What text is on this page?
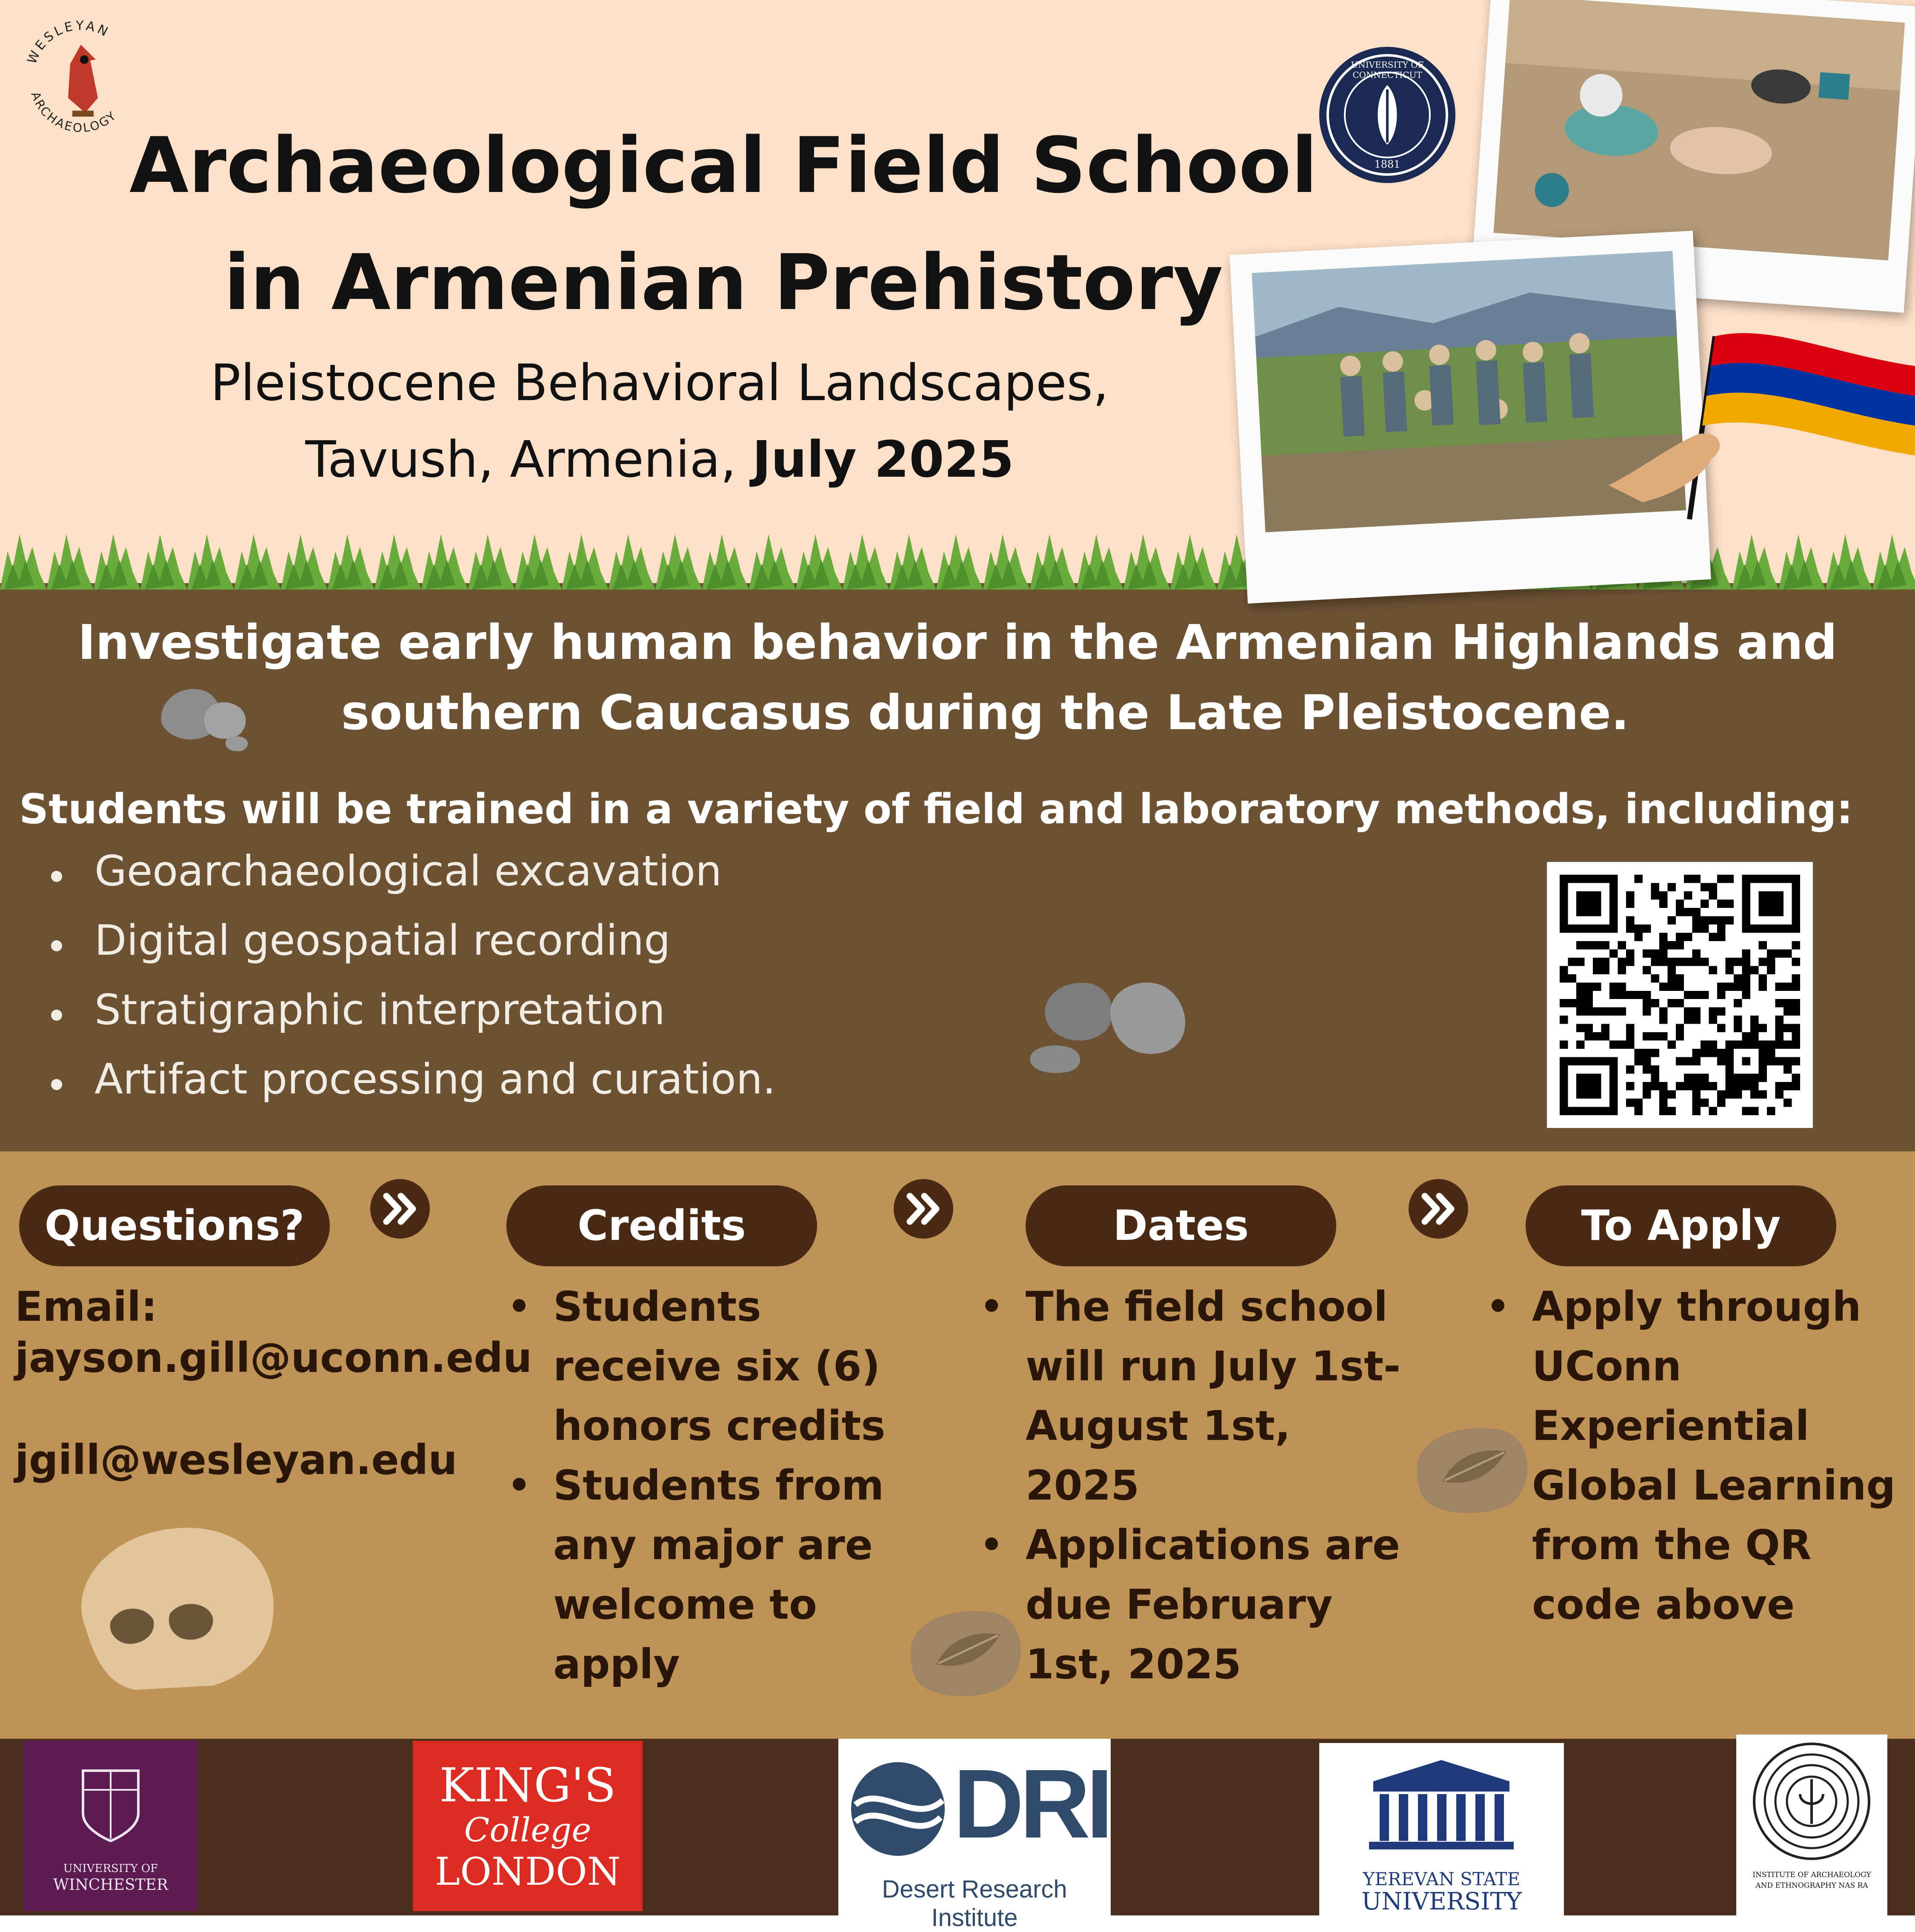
WESLEYAN
ARCHAEOLOGY
Archaeological Field School
in Armenian Prehistory
Pleistocene Behavioral Landscapes,
Tavush, Armenia, July 2025
UNIVERSITY OF CONNECTICUT
1881
Investigate early human behavior in the Armenian Highlands and
southern Caucasus during the Late Pleistocene.
Students will be trained in a variety of field and laboratory methods, including:
Geoarchaeological excavation
Digital geospatial recording
Stratigraphic interpretation
Artifact processing and curation.
Questions?
Email:
jayson.gill@uconn.edu
jgill@wesleyan.edu
Credits
Students receive six (6) honors credits
Students from any major are welcome to apply
Dates
The field school will run July 1st-August 1st, 2025
Applications are due February 1st, 2025
To Apply
Apply through UConn Experiential Global Learning from the QR code above
UNIVERSITY OF
WINCHESTER
KING'S
College
LONDON
DRI
Desert Research Institute
YEREVAN STATE
UNIVERSITY
INSTITUTE OF ARCHAEOLOGY
AND ETHNOGRAPHY NAS RA
